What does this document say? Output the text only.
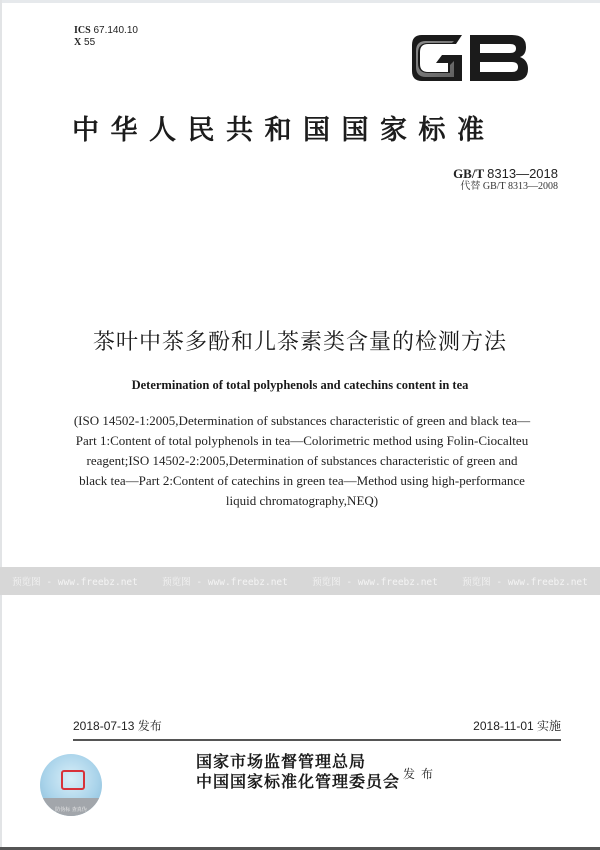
ICS 67.140.10
X 55
中华人民共和国国家标准
GB/T 8313—2018
代替 GB/T 8313—2008
茶叶中茶多酚和儿茶素类含量的检测方法
Determination of total polyphenols and catechins content in tea
(ISO 14502-1:2005,Determination of substances characteristic of green and black tea—Part 1:Content of total polyphenols in tea—Colorimetric method using Folin-Ciocalteu reagent;ISO 14502-2:2005,Determination of substances characteristic of green and black tea—Part 2:Content of catechins in green tea—Method using high-performance liquid chromatography,NEQ)
预览图 - www.freebz.net	预览图 - www.freebz.net	预览图 - www.freebz.net	预览图 - www.freebz.net
2018-07-13 发布	2018-11-01 实施
防伪标 查真伪
国家市场监督管理总局
中国国家标准化管理委员会 发布
